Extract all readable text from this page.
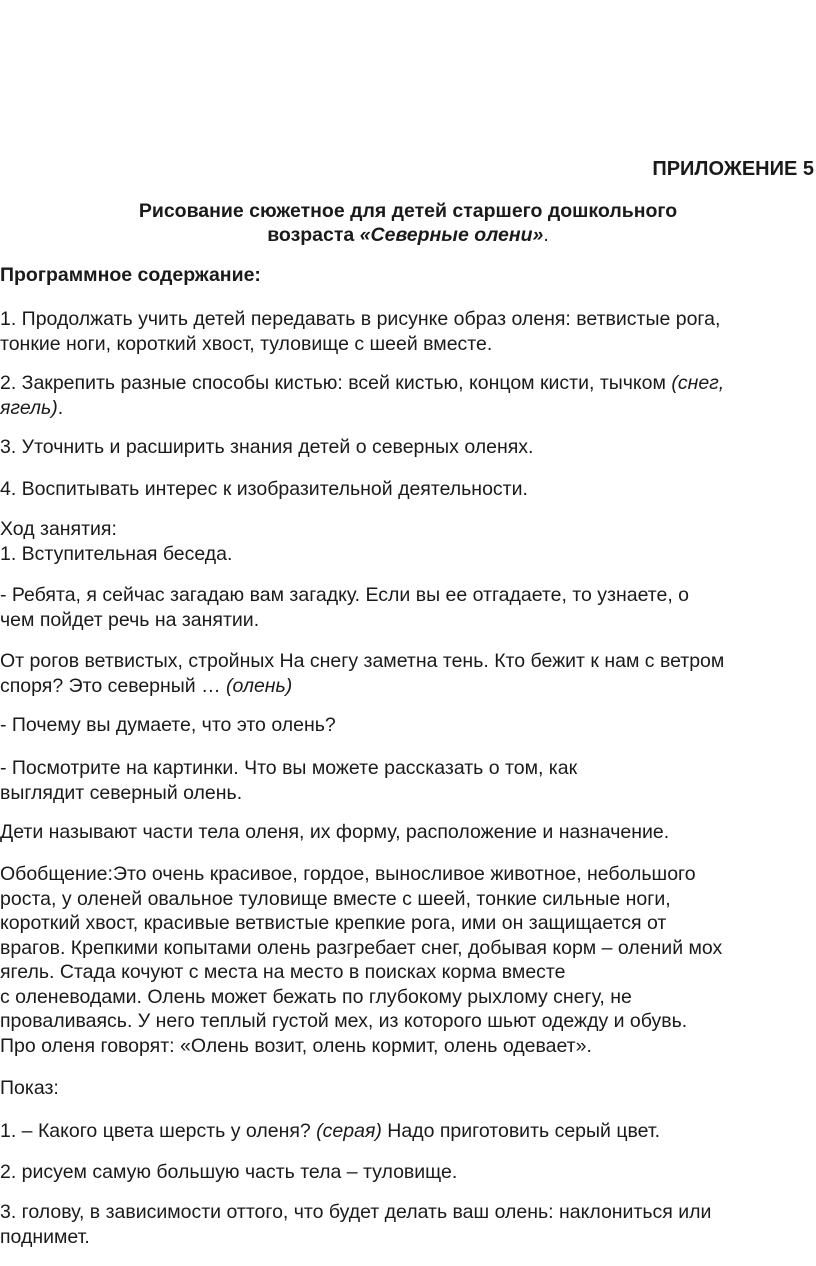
ПРИЛОЖЕНИЕ 5
Рисование сюжетное для детей старшего дошкольного
возраста «Северные олени».
Программное содержание:
1. Продолжать учить детей передавать в рисунке образ оленя: ветвистые рога,
тонкие ноги, короткий хвост, туловище с шеей вместе.
2. Закрепить разные способы кистью: всей кистью, концом кисти, тычком (снег,
ягель).
3. Уточнить и расширить знания детей о северных оленях.
4. Воспитывать интерес к изобразительной деятельности.
Ход занятия:
1. Вступительная беседа.
- Ребята, я сейчас загадаю вам загадку. Если вы ее отгадаете, то узнаете, о
чем пойдет речь на занятии.
От рогов ветвистых, стройных На снегу заметна тень. Кто бежит к нам с ветром
споря? Это северный … (олень)
- Почему вы думаете, что это олень?
- Посмотрите на картинки. Что вы можете рассказать о том, как
выглядит северный олень.
Дети называют части тела оленя, их форму, расположение и назначение.
Обобщение:Это очень красивое, гордое, выносливое животное, небольшого
роста, у оленей овальное туловище вместе с шеей, тонкие сильные ноги,
короткий хвост, красивые ветвистые крепкие рога, ими он защищается от
врагов. Крепкими копытами олень разгребает снег, добывая корм – олений мох
ягель. Стада кочуют с места на место в поисках корма вместе
с оленеводами. Олень может бежать по глубокому рыхлому снегу, не
проваливаясь. У него теплый густой мех, из которого шьют одежду и обувь.
Про оленя говорят: «Олень возит, олень кормит, олень одевает».
Показ:
1. – Какого цвета шерсть у оленя? (серая) Надо приготовить серый цвет.
2. рисуем самую большую часть тела – туловище.
3. голову, в зависимости оттого, что будет делать ваш олень: наклониться или
поднимет.
